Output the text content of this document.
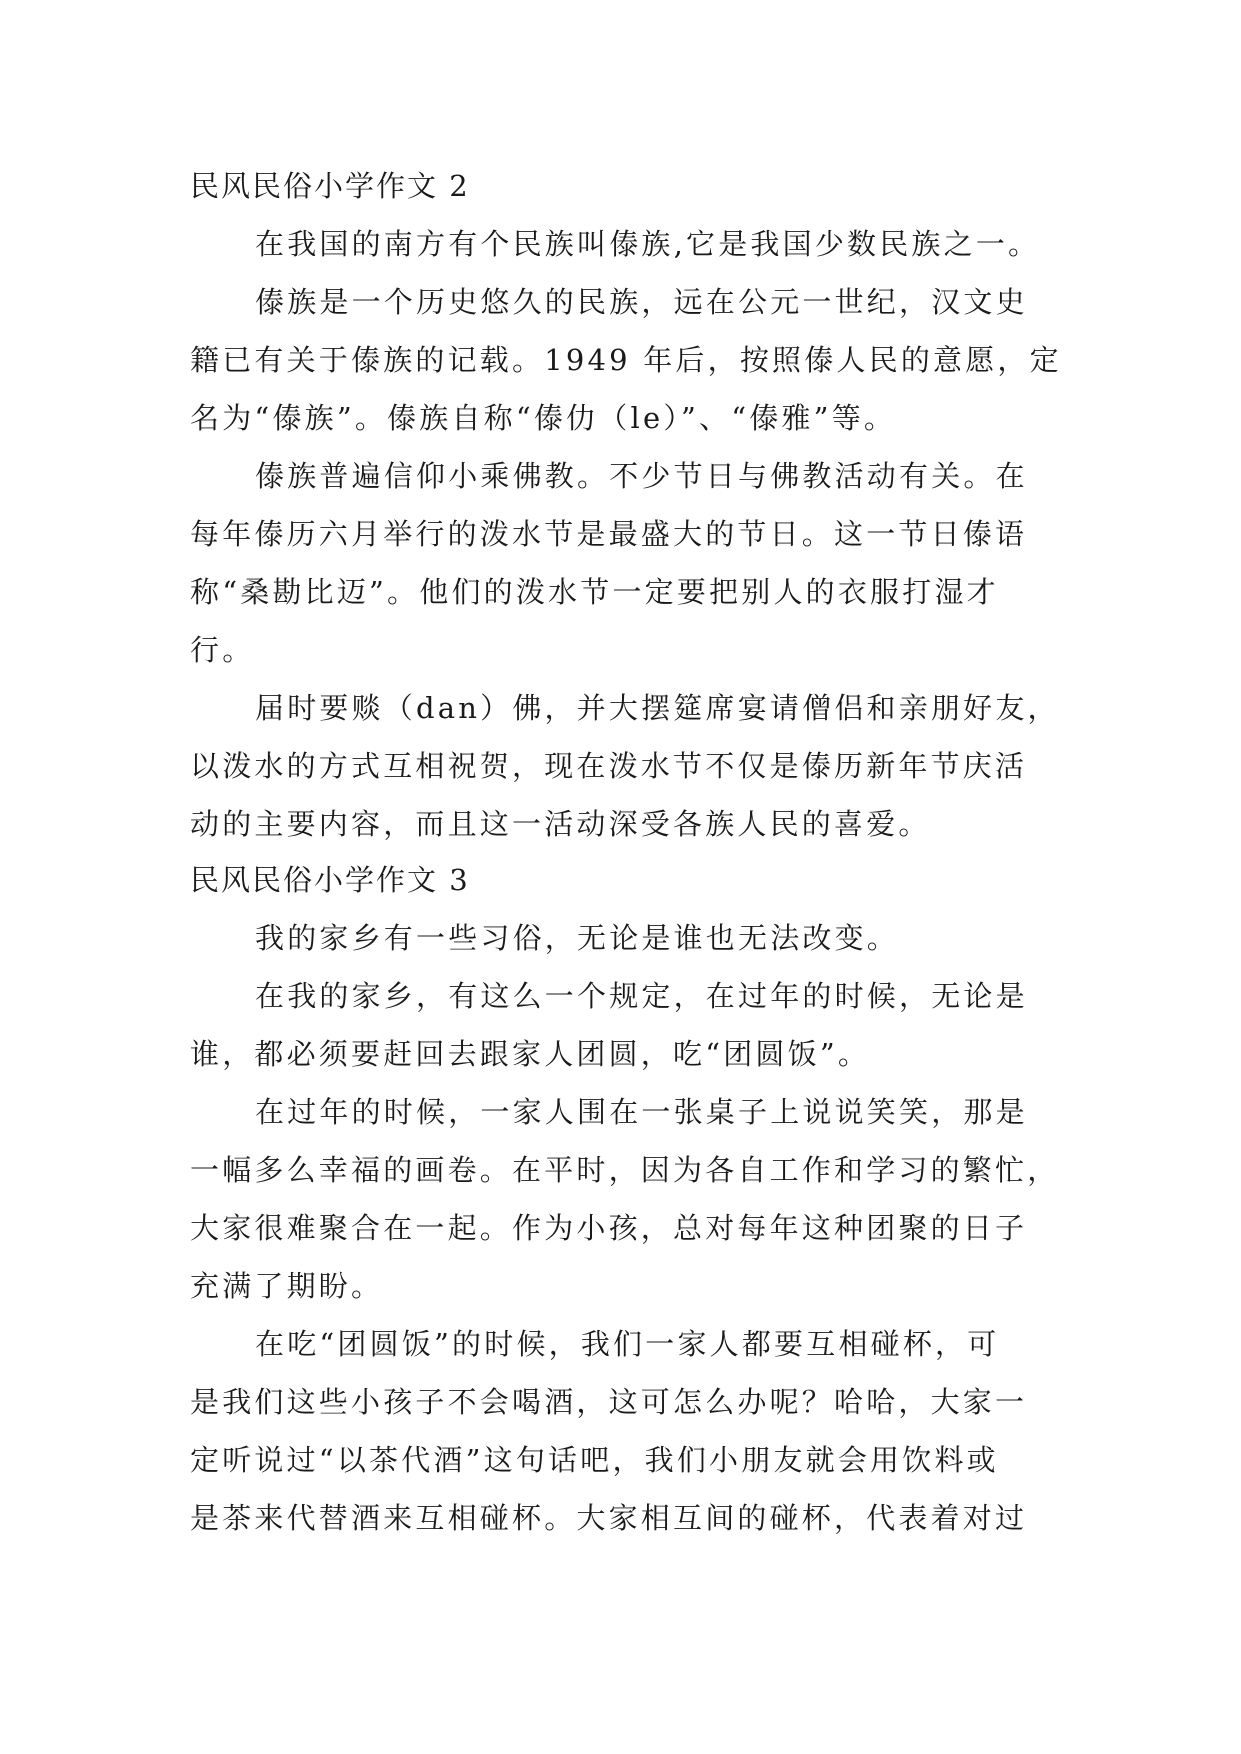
民风民俗小学作文 2
在我国的南方有个民族叫傣族,它是我国少数民族之一。
傣族是一个历史悠久的民族，远在公元一世纪，汉文史
籍已有关于傣族的记载。1949 年后，按照傣人民的意愿，定
名为“傣族”。傣族自称“傣仂（le）”、“傣雅”等。
傣族普遍信仰小乘佛教。不少节日与佛教活动有关。在
每年傣历六月举行的泼水节是最盛大的节日。这一节日傣语
称“桑勘比迈”。他们的泼水节一定要把别人的衣服打湿才
行。
届时要赕（dan）佛，并大摆筵席宴请僧侣和亲朋好友，
以泼水的方式互相祝贺，现在泼水节不仅是傣历新年节庆活
动的主要内容，而且这一活动深受各族人民的喜爱。
民风民俗小学作文 3
我的家乡有一些习俗，无论是谁也无法改变。
在我的家乡，有这么一个规定，在过年的时候，无论是
谁，都必须要赶回去跟家人团圆，吃“团圆饭”。
在过年的时候，一家人围在一张桌子上说说笑笑，那是
一幅多么幸福的画卷。在平时，因为各自工作和学习的繁忙，
大家很难聚合在一起。作为小孩，总对每年这种团聚的日子
充满了期盼。
在吃“团圆饭”的时候，我们一家人都要互相碰杯，可
是我们这些小孩子不会喝酒，这可怎么办呢？哈哈，大家一
定听说过“以茶代酒”这句话吧，我们小朋友就会用饮料或
是茶来代替酒来互相碰杯。大家相互间的碰杯，代表着对过
